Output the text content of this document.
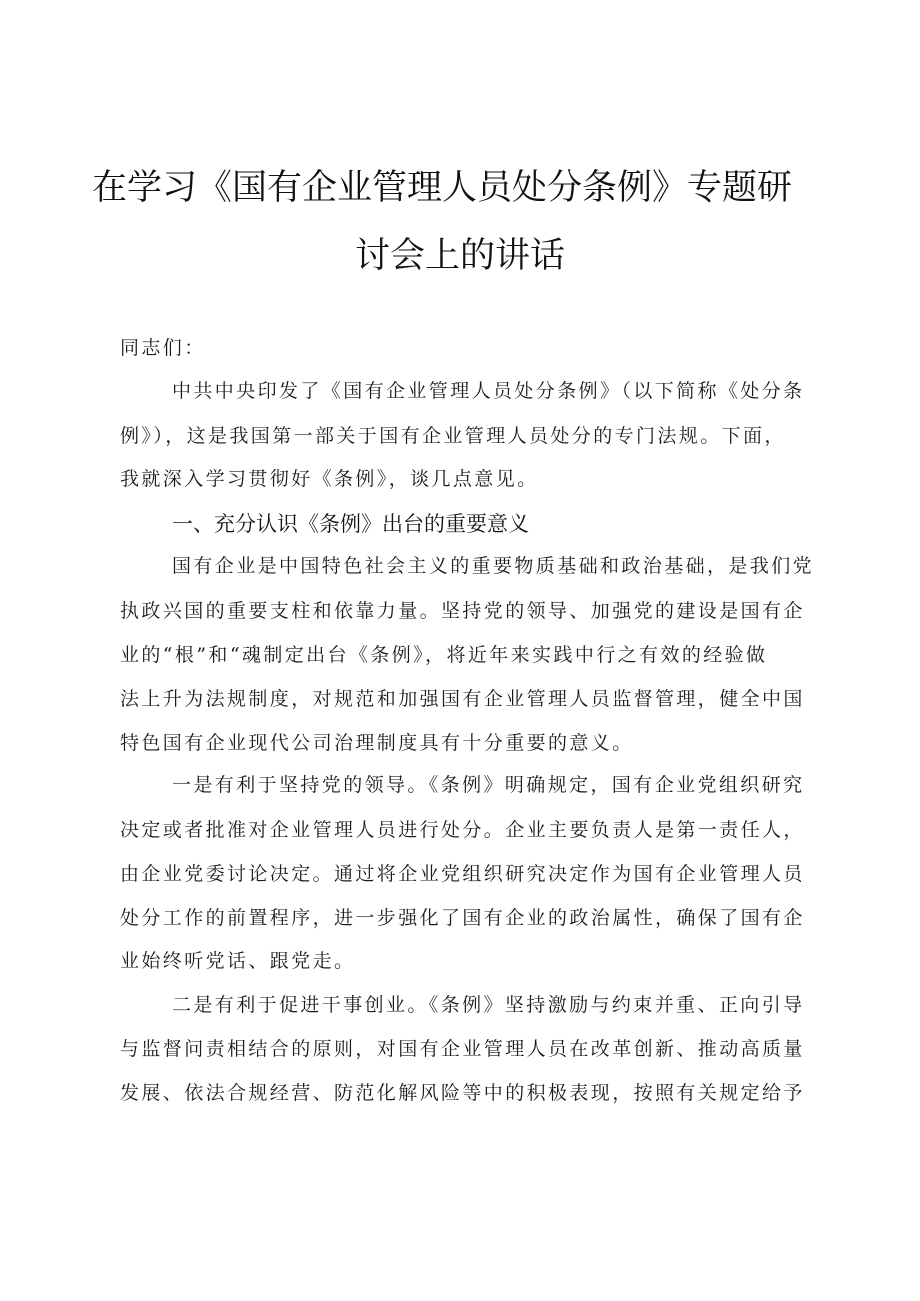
在学习《国有企业管理人员处分条例》专题研
讨会上的讲话
同志们：
中共中央印发了《国有企业管理人员处分条例》（以下简称《处分条
例》），这是我国第一部关于国有企业管理人员处分的专门法规。下面，
我就深入学习贯彻好《条例》，谈几点意见。
一、充分认识《条例》出台的重要意义
国有企业是中国特色社会主义的重要物质基础和政治基础，是我们党
执政兴国的重要支柱和依靠力量。坚持党的领导、加强党的建设是国有企
业的“根”和“魂制定出台《条例》，将近年来实践中行之有效的经验做
法上升为法规制度，对规范和加强国有企业管理人员监督管理，健全中国
特色国有企业现代公司治理制度具有十分重要的意义。
一是有利于坚持党的领导。《条例》明确规定，国有企业党组织研究
决定或者批准对企业管理人员进行处分。企业主要负责人是第一责任人，
由企业党委讨论决定。通过将企业党组织研究决定作为国有企业管理人员
处分工作的前置程序，进一步强化了国有企业的政治属性，确保了国有企
业始终听党话、跟党走。
二是有利于促进干事创业。《条例》坚持激励与约束并重、正向引导
与监督问责相结合的原则，对国有企业管理人员在改革创新、推动高质量
发展、依法合规经营、防范化解风险等中的积极表现，按照有关规定给予
